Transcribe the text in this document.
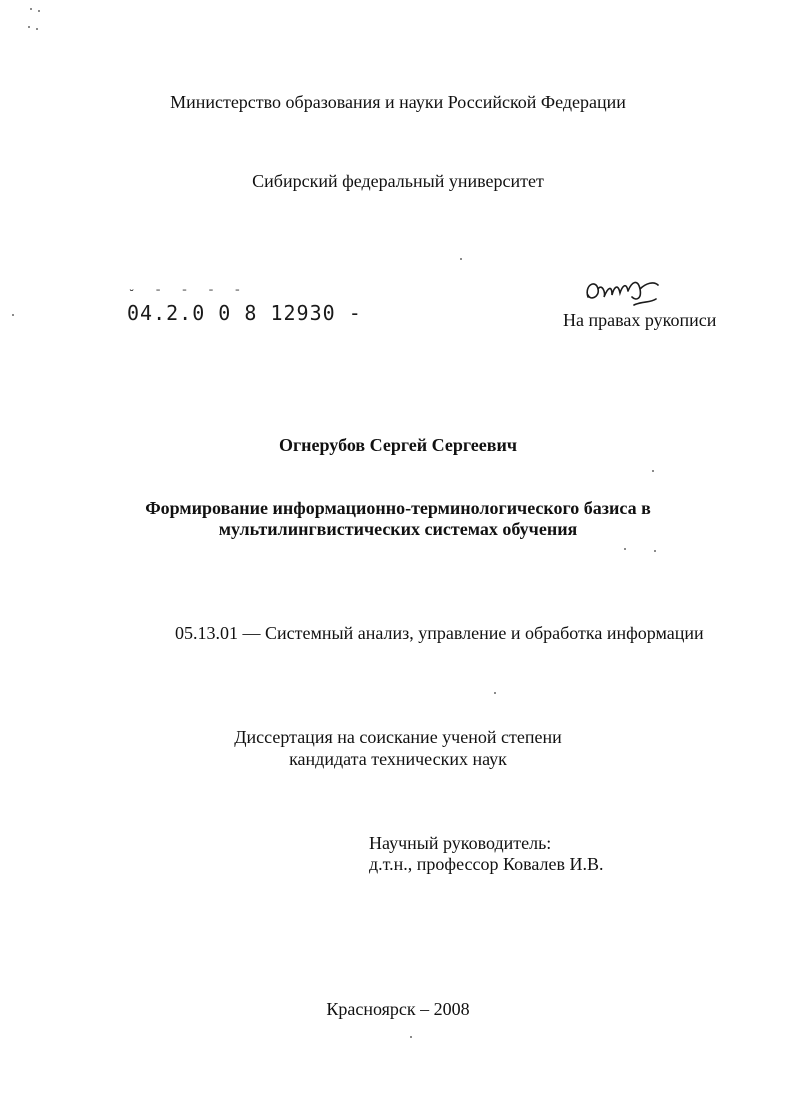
Министерство образования и науки Российской Федерации
Сибирский федеральный университет
˘ ˉ ˉ ˉ ˉ
04.2.0 0 8 12930 -	На правах рукописи
Огнерубов Сергей Сергеевич
Формирование информационно-терминологического базиса в
мультилингвистических системах обучения
05.13.01 — Системный анализ, управление и обработка информации
Диссертация на соискание ученой степени
кандидата технических наук
Научный руководитель:
д.т.н., профессор Ковалев И.В.
Красноярск – 2008
